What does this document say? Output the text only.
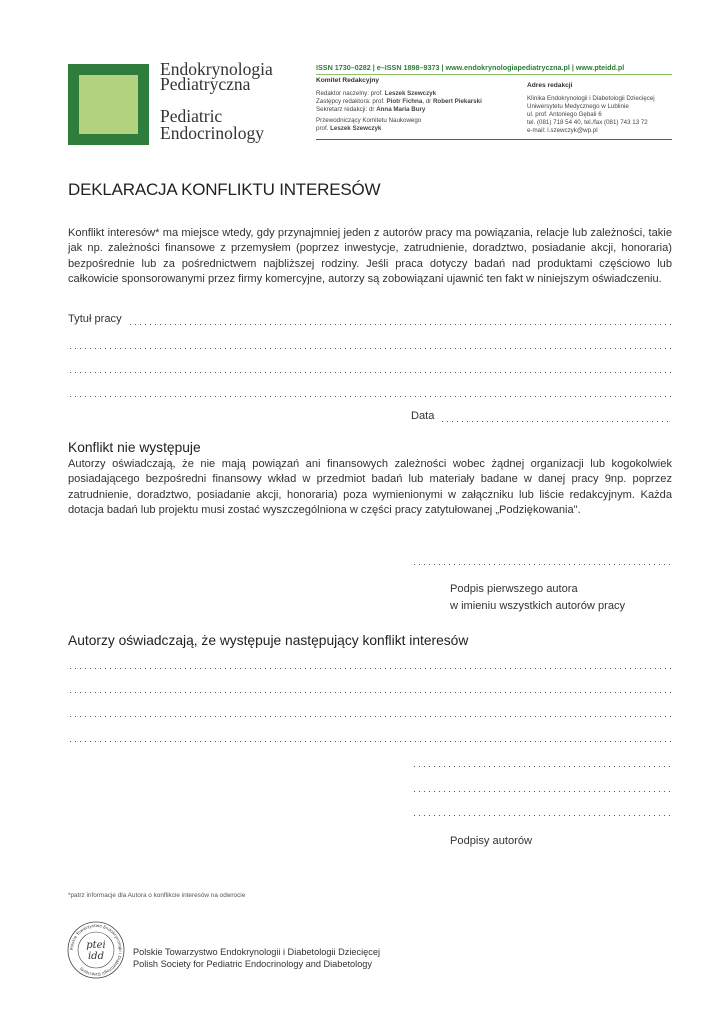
Endokrynologia
Pediatryczna
Pediatric
Endocrinology
ISSN 1730–0282 | e–ISSN 1898–9373 | www.endokrynologiapediatryczna.pl | www.pteidd.pl
Komitet Redakcyjny
Redaktor naczelny: prof. Leszek Szewczyk
Zastępcy redaktora: prof. Piotr Fichna, dr Robert Piekarski
Sekretarz redakcji: dr Anna Maria Bury
Przewodniczący Komitetu Naukowego
prof. Leszek Szewczyk
Adres redakcji
Klinika Endokrynologii i Diabetologii Dziecięcej
Uniwersytetu Medycznego w Lublinie
ul. prof. Antoniego Gębali 6
tel. (081) 718 54 40, tel./fax (081) 743 13 72
e-mail: l.szewczyk@wp.pl
DEKLARACJA KONFLIKTU INTERESÓW
Konflikt interesów* ma miejsce wtedy, gdy przynajmniej jeden z autorów pracy ma powiązania, relacje lub zależności, takie jak np. zależności finansowe z przemysłem (poprzez inwestycje, zatrudnienie, doradztwo, posiadanie akcji, honoraria) bezpośrednie lub za pośrednictwem najbliższej rodziny. Jeśli praca dotyczy badań nad produktami częściowo lub całkowicie sponsorowanymi przez firmy komercyjne, autorzy są zobowiązani ujawnić ten fakt w niniejszym oświadczeniu.
Tytuł pracy
Data
Konflikt nie występuje
Autorzy oświadczają, że nie mają powiązań ani finansowych zależności wobec żądnej organizacji lub kogokolwiek posiadającego bezpośredni finansowy wkład w przedmiot badań lub materiały badane w danej pracy 9np. poprzez zatrudnienie, doradztwo, posiadanie akcji, honoraria) poza wymienionymi w załączniku lub liście redakcyjnym. Każda dotacja badań lub projektu musi zostać wyszczególniona w części pracy zatytułowanej „Podziękowania".
Podpis pierwszego autora
w imieniu wszystkich autorów pracy
Autorzy oświadczają, że występuje następujący konflikt interesów
Podpisy autorów
*patrz informacje dla Autora o konflikcie interesów na odwrocie
Polskie Towarzystwo Endokrynologii i Diabetologii Dziecięcej
ptei
idd	Polskie Towarzystwo Endokrynologii i Diabetologii Dziecięcej
Polish Society for Pediatric Endocrinology and Diabetology
